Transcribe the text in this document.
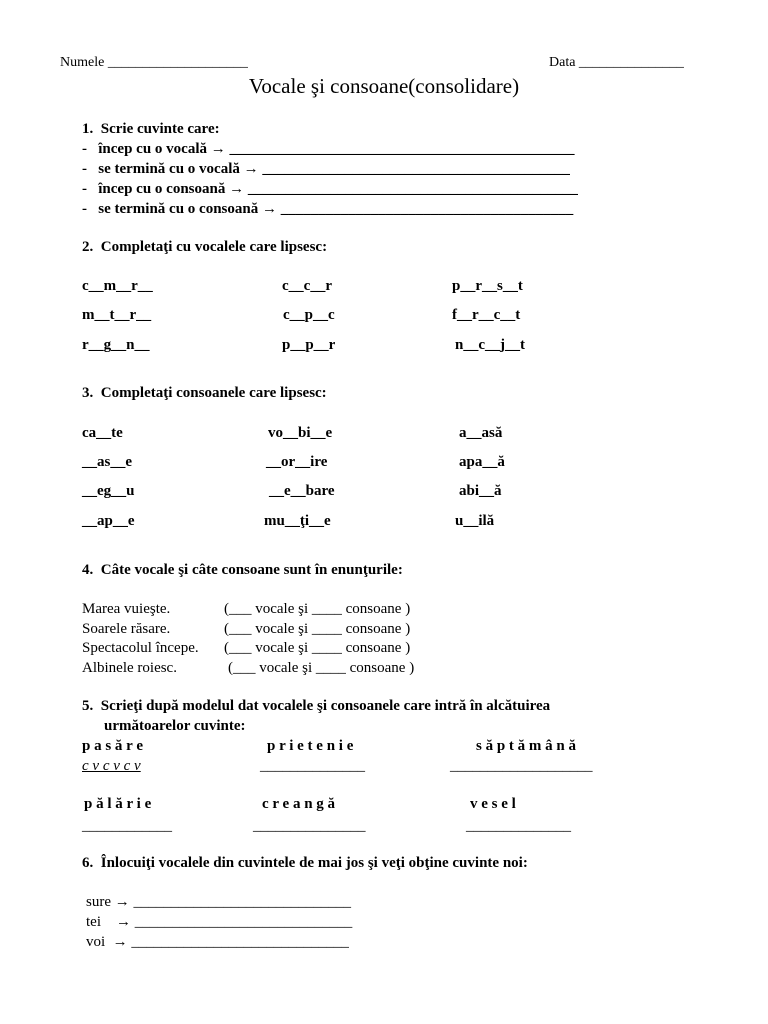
Numele ____________________	Data _______________
Vocale şi consoane(consolidare)
1.  Scrie cuvinte care:
-   încep cu o vocală → ______________________________________________
-   se termină cu o vocală → _________________________________________
-   încep cu o consoană → ____________________________________________
-   se termină cu o consoană → _______________________________________
2.  Completaţi cu vocalele care lipsesc:
c__m__r__	c__c__r	p__r__s__t
m__t__r__	c__p__c	f__r__c__t
r__g__n__	p__p__r	n__c__j__t
3.  Completaţi consoanele care lipsesc:
ca__te	vo__bi__e	a__asă
__as__e	__or__ire	apa__ă
__eg__u	__e__bare	abi__ă
__ap__e	mu__ţi__e	u__ilă
4.  Câte vocale şi câte consoane sunt în enunţurile:
Marea vuieşte.	(___ vocale şi ____ consoane )
Soarele răsare.	(___ vocale şi ____ consoane )
Spectacolul începe. (___ vocale şi ____ consoane )
Albinele roiesc.	(___ vocale şi ____ consoane )
5.  Scrieţi după modelul dat vocalele şi consoanele care intră în alcătuirea
următoarelor cuvinte:
p a s ă r e	p r i e t e n i e	s ă p t ă m â n ă
c v c v c v	______________	___________________
p ă l ă r i e	c r e a n g ă	v e s e l
____________	_______________	______________
6.  Înlocuiţi vocalele din cuvintele de mai jos şi veţi obţine cuvinte noi:
sure → _____________________________
tei    → _____________________________
voi  → _____________________________
